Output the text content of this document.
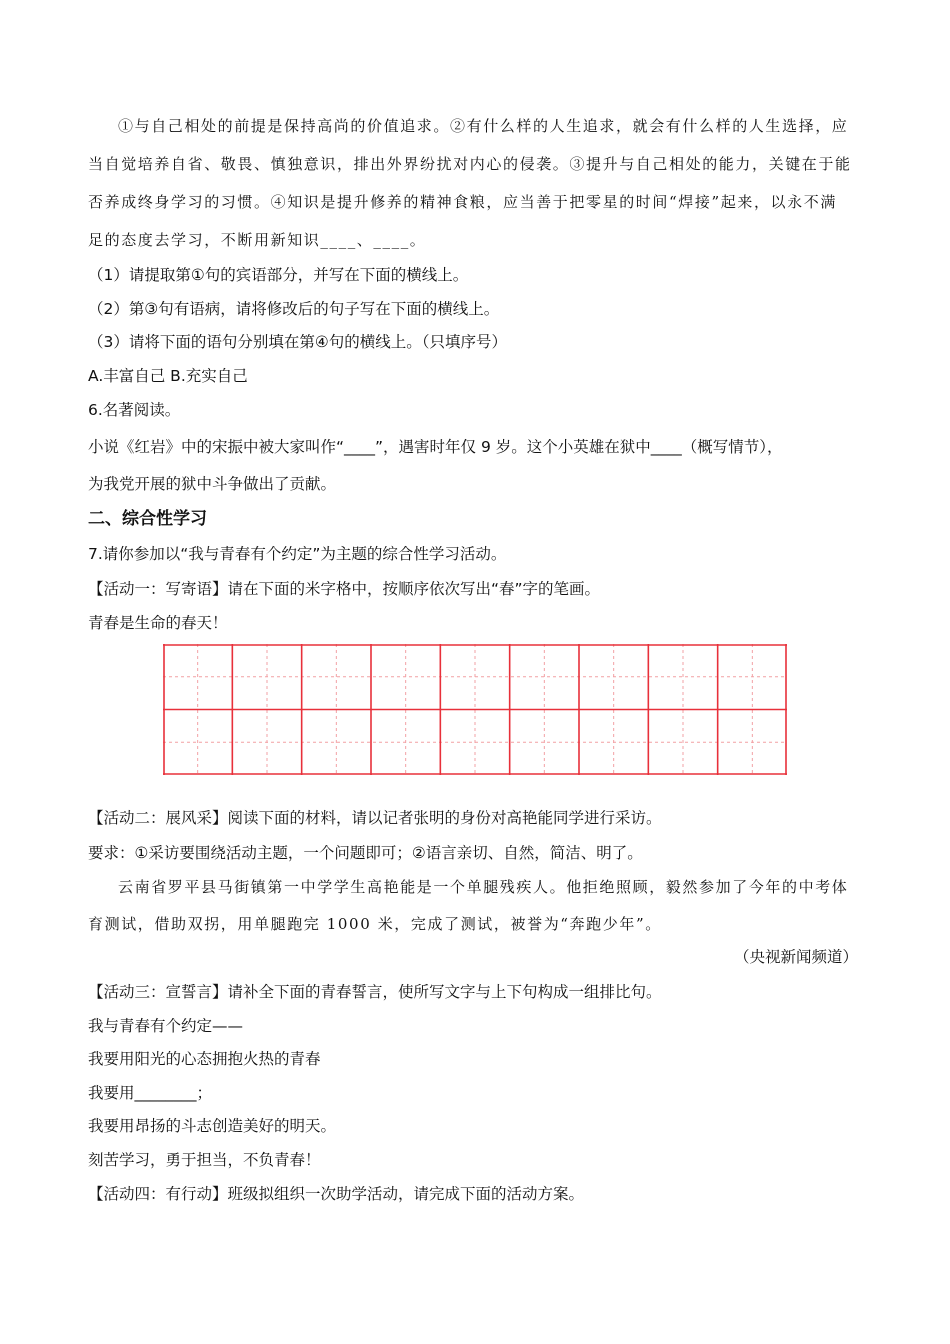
①与自己相处的前提是保持高尚的价值追求。②有什么样的人生追求，就会有什么样的人生选择，应
当自觉培养自省、敬畏、慎独意识，排出外界纷扰对内心的侵袭。③提升与自己相处的能力，关键在于能
否养成终身学习的习惯。④知识是提升修养的精神食粮，应当善于把零星的时间“焊接”起来，以永不满
足的态度去学习，不断用新知识____、____。
（1）请提取第①句的宾语部分，并写在下面的横线上。
（2）第③句有语病，请将修改后的句子写在下面的横线上。
（3）请将下面的语句分别填在第④句的横线上。（只填序号）
A.丰富自己 B.充实自己
6.名著阅读。
小说《红岩》中的宋振中被大家叫作“____”，遇害时年仅 9 岁。这个小英雄在狱中____（概写情节），
为我党开展的狱中斗争做出了贡献。
二、综合性学习
7.请你参加以“我与青春有个约定”为主题的综合性学习活动。
【活动一：写寄语】请在下面的米字格中，按顺序依次写出“春”字的笔画。
青春是生命的春天！
【活动二：展风采】阅读下面的材料，请以记者张明的身份对高艳能同学进行采访。
要求：①采访要围绕活动主题，一个问题即可；②语言亲切、自然，简洁、明了。
云南省罗平县马街镇第一中学学生高艳能是一个单腿残疾人。他拒绝照顾，毅然参加了今年的中考体
育测试，借助双拐，用单腿跑完 1000 米，完成了测试，被誉为“奔跑少年”。
（央视新闻频道）
【活动三：宣誓言】请补全下面的青春誓言，使所写文字与上下句构成一组排比句。
我与青春有个约定——
我要用阳光的心态拥抱火热的青春
我要用________；
我要用昂扬的斗志创造美好的明天。
刻苦学习，勇于担当，不负青春！
【活动四：有行动】班级拟组织一次助学活动，请完成下面的活动方案。
